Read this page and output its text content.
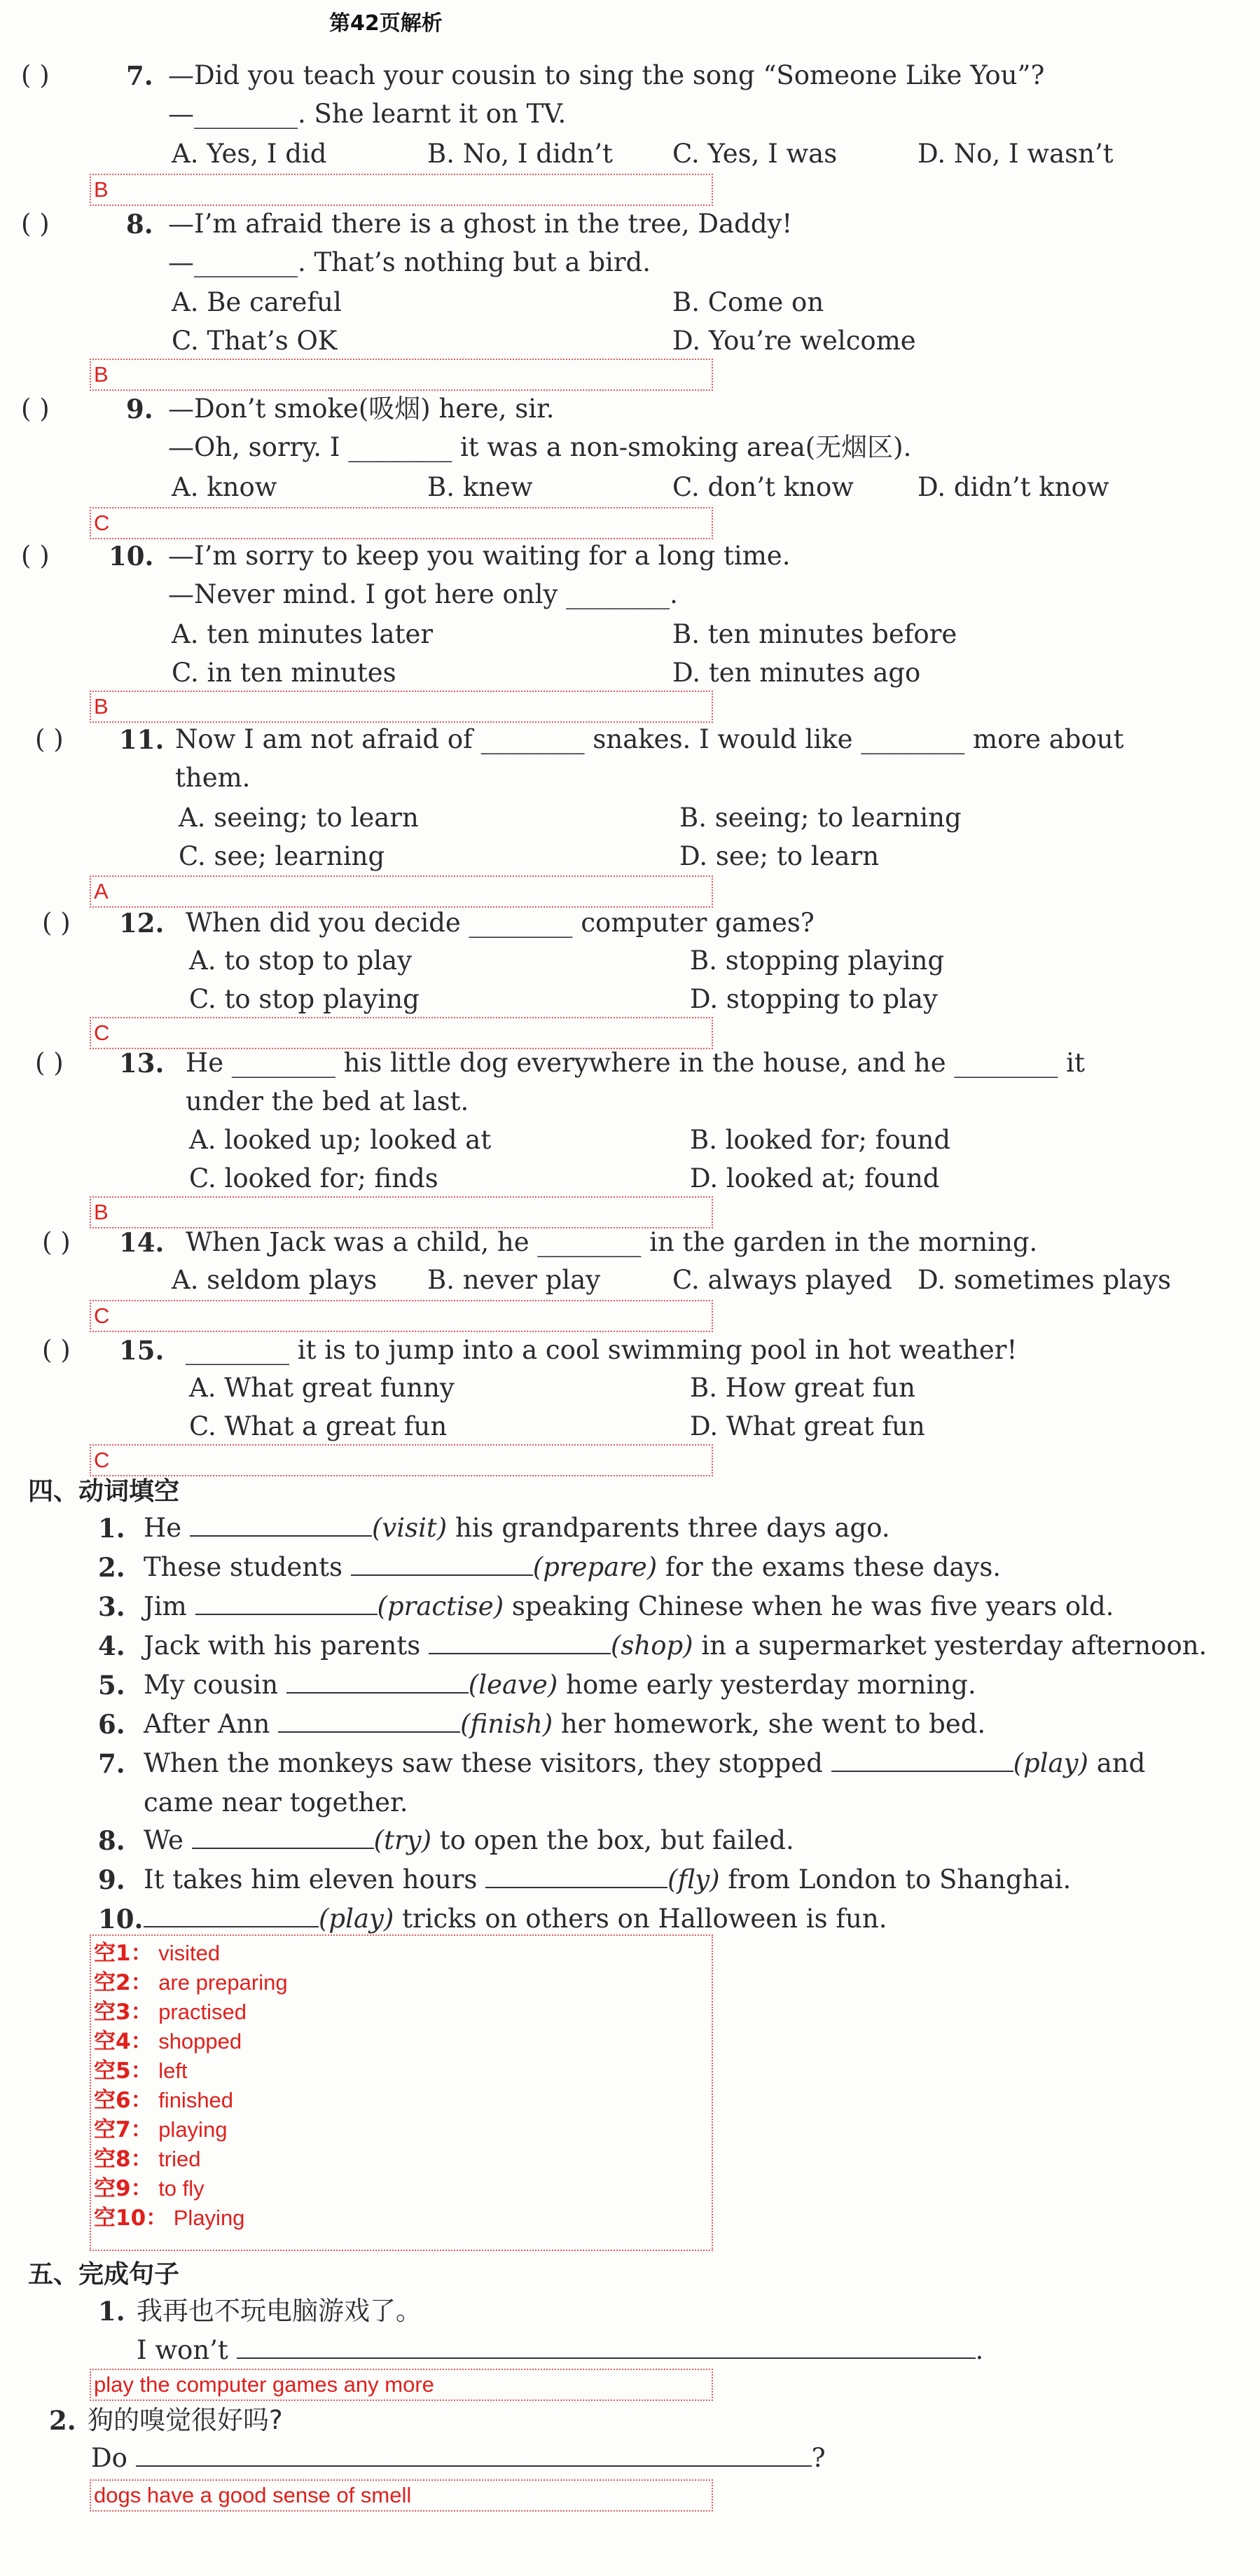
第42页解析
( )	7. —Did you teach your cousin to sing the song “Someone Like You”?
—________. She learnt it on TV.
A. Yes, I did	B. No, I didn’t C. Yes, I was	D. No, I wasn’t
B
( )	8. —I’m afraid there is a ghost in the tree, Daddy!
—________. That’s nothing but a bird.
A. Be careful	B. Come on
C. That’s OK	D. You’re welcome
B
( )	9. —Don’t smoke(吸烟) here, sir.
—Oh, sorry. I ________ it was a non-smoking area(无烟区).
A. know	B. knew	C. don’t know D. didn’t know
C
( ) 10. —I’m sorry to keep you waiting for a long time.
—Never mind. I got here only ________.
A. ten minutes later	B. ten minutes before
C. in ten minutes	D. ten minutes ago
B
( ) 11. Now I am not afraid of ________ snakes. I would like ________ more about
them.
A. seeing; to learn	B. seeing; to learning
C. see; learning	D. see; to learn
A
( ) 12. When did you decide ________ computer games?
A. to stop to play	B. stopping playing
C. to stop playing	D. stopping to play
C
( ) 13. He ________ his little dog everywhere in the house, and he ________ it
under the bed at last.
A. looked up; looked at	B. looked for; found
C. looked for; finds	D. looked at; found
B
( ) 14. When Jack was a child, he ________ in the garden in the morning.
A. seldom plays B. never play	C. always played D. sometimes plays
C
( ) 15. ________ it is to jump into a cool swimming pool in hot weather!
A. What great funny	B. How great fun
C. What a great fun	D. What great fun
C
四、动词填空
1. He	(visit) his grandparents three days ago.
2. These students	(prepare) for the exams these days.
3. Jim	(practise) speaking Chinese when he was five years old.
4. Jack with his parents	(shop) in a supermarket yesterday afternoon.
5. My cousin	(leave) home early yesterday morning.
6. After Ann	(finish) her homework, she went to bed.
7. When the monkeys saw these visitors, they stopped	(play) and
came near together.
8. We	(try) to open the box, but failed.
9. It takes him eleven hours	(fly) from London to Shanghai.
10.	(play) tricks on others on Halloween is fun.
空1： visited
空2： are preparing
空3： practised
空4： shopped
空5： left
空6： finished
空7： playing
空8： tried
空9： to fly
空10： Playing
五、完成句子
1. 我再也不玩电脑游戏了。
I won’t	.
play the computer games any more
2. 狗的嗅觉很好吗?
Do	?
dogs have a good sense of smell
